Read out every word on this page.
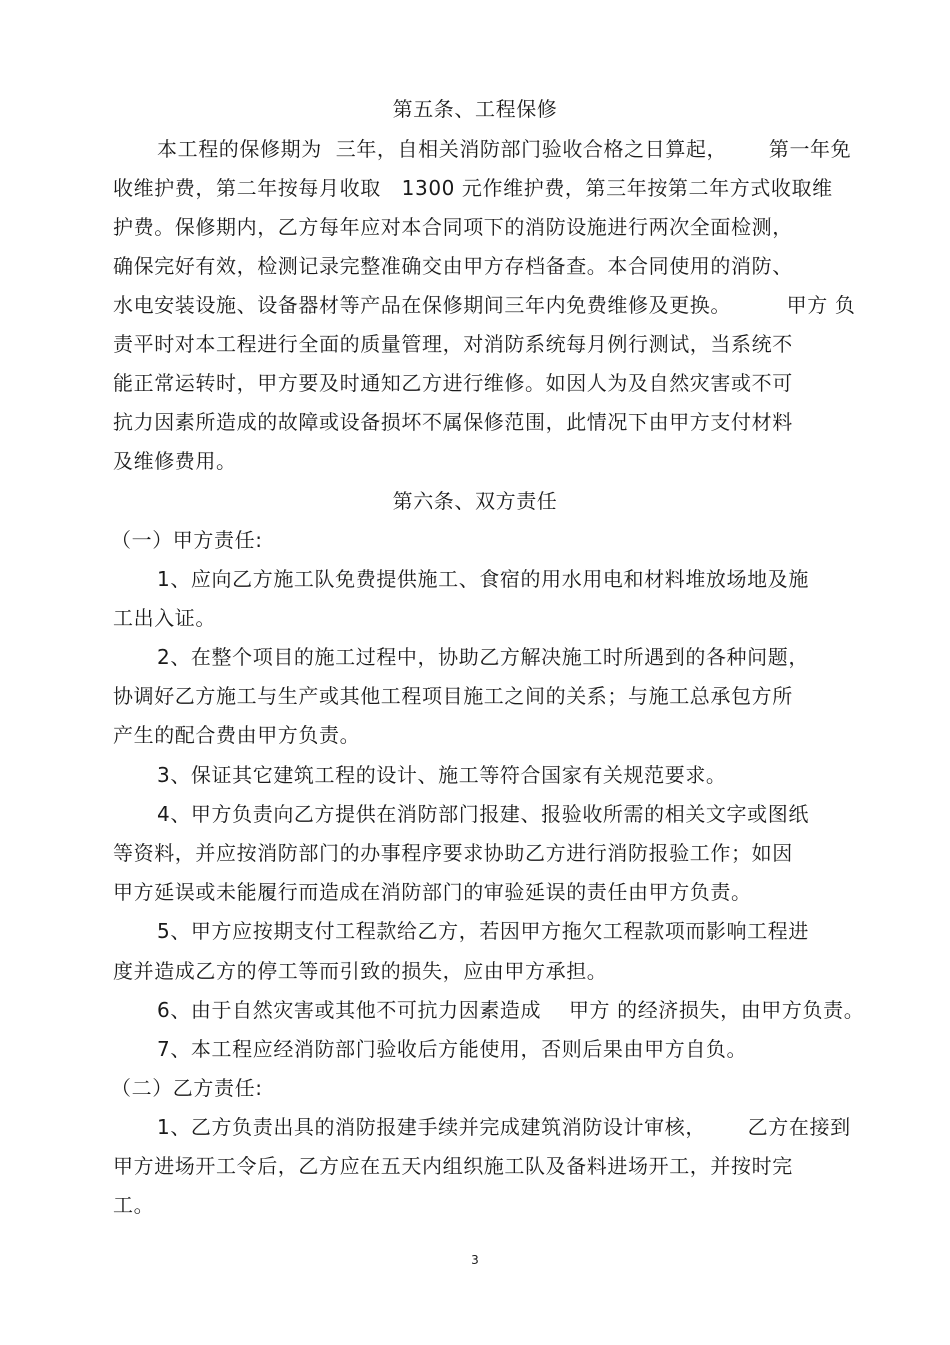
第五条、工程保修
本工程的保修期为  三年，自相关消防部门验收合格之日算起，      第一年免
收维护费，第二年按每月收取   1300 元作维护费，第三年按第二年方式收取维
护费。保修期内，乙方每年应对本合同项下的消防设施进行两次全面检测，
确保完好有效，检测记录完整准确交由甲方存档备查。本合同使用的消防、
水电安装设施、设备器材等产品在保修期间三年内免费维修及更换。        甲方 负
责平时对本工程进行全面的质量管理，对消防系统每月例行测试，当系统不
能正常运转时，甲方要及时通知乙方进行维修。如因人为及自然灾害或不可
抗力因素所造成的故障或设备损坏不属保修范围，此情况下由甲方支付材料
及维修费用。
第六条、双方责任
（一）甲方责任:
1、应向乙方施工队免费提供施工、食宿的用水用电和材料堆放场地及施
工出入证。
2、在整个项目的施工过程中，协助乙方解决施工时所遇到的各种问题，
协调好乙方施工与生产或其他工程项目施工之间的关系；与施工总承包方所
产生的配合费由甲方负责。
3、保证其它建筑工程的设计、施工等符合国家有关规范要求。
4、甲方负责向乙方提供在消防部门报建、报验收所需的相关文字或图纸
等资料，并应按消防部门的办事程序要求协助乙方进行消防报验工作；如因
甲方延误或未能履行而造成在消防部门的审验延误的责任由甲方负责。
5、甲方应按期支付工程款给乙方，若因甲方拖欠工程款项而影响工程进
度并造成乙方的停工等而引致的损失，应由甲方承担。
6、由于自然灾害或其他不可抗力因素造成    甲方 的经济损失，由甲方负责。
7、本工程应经消防部门验收后方能使用，否则后果由甲方自负。
（二）乙方责任:
1、乙方负责出具的消防报建手续并完成建筑消防设计审核，      乙方在接到
甲方进场开工令后，乙方应在五天内组织施工队及备料进场开工，并按时完
工。
3
